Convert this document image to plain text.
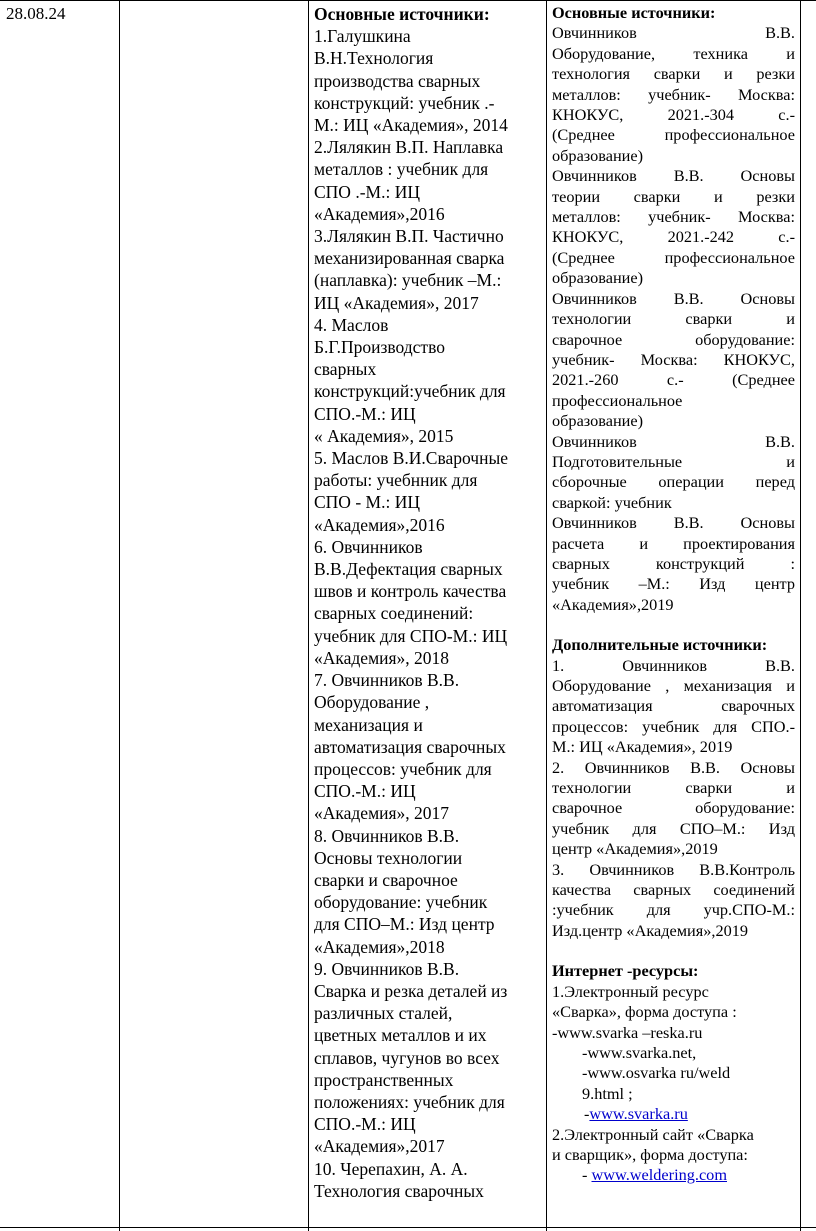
28.08.24	Основные источники:

1.Галушкина

В.Н.Технология

производства сварных

конструкций: учебник .-

М.: ИЦ «Академия», 2014

2.Лялякин В.П. Наплавка

металлов : учебник для

СПО .-М.: ИЦ

«Академия»,2016

3.Лялякин В.П. Частично

механизированная сварка

(наплавка): учебник –М.:

ИЦ «Академия», 2017

4. Маслов

Б.Г.Производство

сварных

конструкций:учебник для

СПО.-М.: ИЦ

« Академия», 2015

5. Маслов В.И.Сварочные

работы: учебнник для

СПО - М.: ИЦ

«Академия»,2016

6. Овчинников

В.В.Дефектация сварных

швов и контроль качества

сварных соединений:

учебник для СПО-М.: ИЦ

«Академия», 2018

7. Овчинников В.В.

Оборудование ,

механизация и

автоматизация сварочных

процессов: учебник для

СПО.-М.: ИЦ

«Академия», 2017

8. Овчинников В.В.

Основы технологии

сварки и сварочное

оборудование: учебник

для СПО–М.: Изд центр

«Академия»,2018

9. Овчинников В.В.

Сварка и резка деталей из

различных сталей,

цветных металлов и их

сплавов, чугунов во всех

пространственных

положениях: учебник для

СПО.-М.: ИЦ

«Академия»,2017

10. Черепахин, А. А.

Технология сварочных

Основные источники:

Овчинников В.В.

Оборудование, техника и

технология сварки и резки

металлов: учебник- Москва:

КНОКУС, 2021.-304 с.-

(Среднее профессиональное

образование)

Овчинников В.В. Основы

теории сварки и резки

металлов: учебник- Москва:

КНОКУС, 2021.-242 с.-

(Среднее профессиональное

образование)

Овчинников В.В. Основы

технологии сварки и

сварочное оборудование:

учебник- Москва: КНОКУС,

2021.-260 с.- (Среднее

профессиональное

образование)

Овчинников В.В.

Подготовительные и

сборочные операции перед

сваркой: учебник

Овчинников В.В. Основы

расчета и проектирования

сварных конструкций :

учебник –М.: Изд центр

«Академия»,2019

Дополнительные источники:

1. Овчинников В.В.

Оборудование , механизация и

автоматизация сварочных

процессов: учебник для СПО.-

М.: ИЦ «Академия», 2019

2. Овчинников В.В. Основы

технологии сварки и

сварочное оборудование:

учебник для СПО–М.: Изд

центр «Академия»,2019

3. Овчинников В.В.Контроль

качества сварных соединений

:учебник для учр.СПО-М.:

Изд.центр «Академия»,2019

Интернет -ресурсы:

1.Электронный ресурс

«Сварка», форма доступа :

-www.svarka –reska.ru

-www.svarka.net,

-www.osvarka ru/weld

9.html ;

-www.svarka.ru

2.Электронный сайт «Сварка

и сварщик», форма доступа:

- www.weldering.com
